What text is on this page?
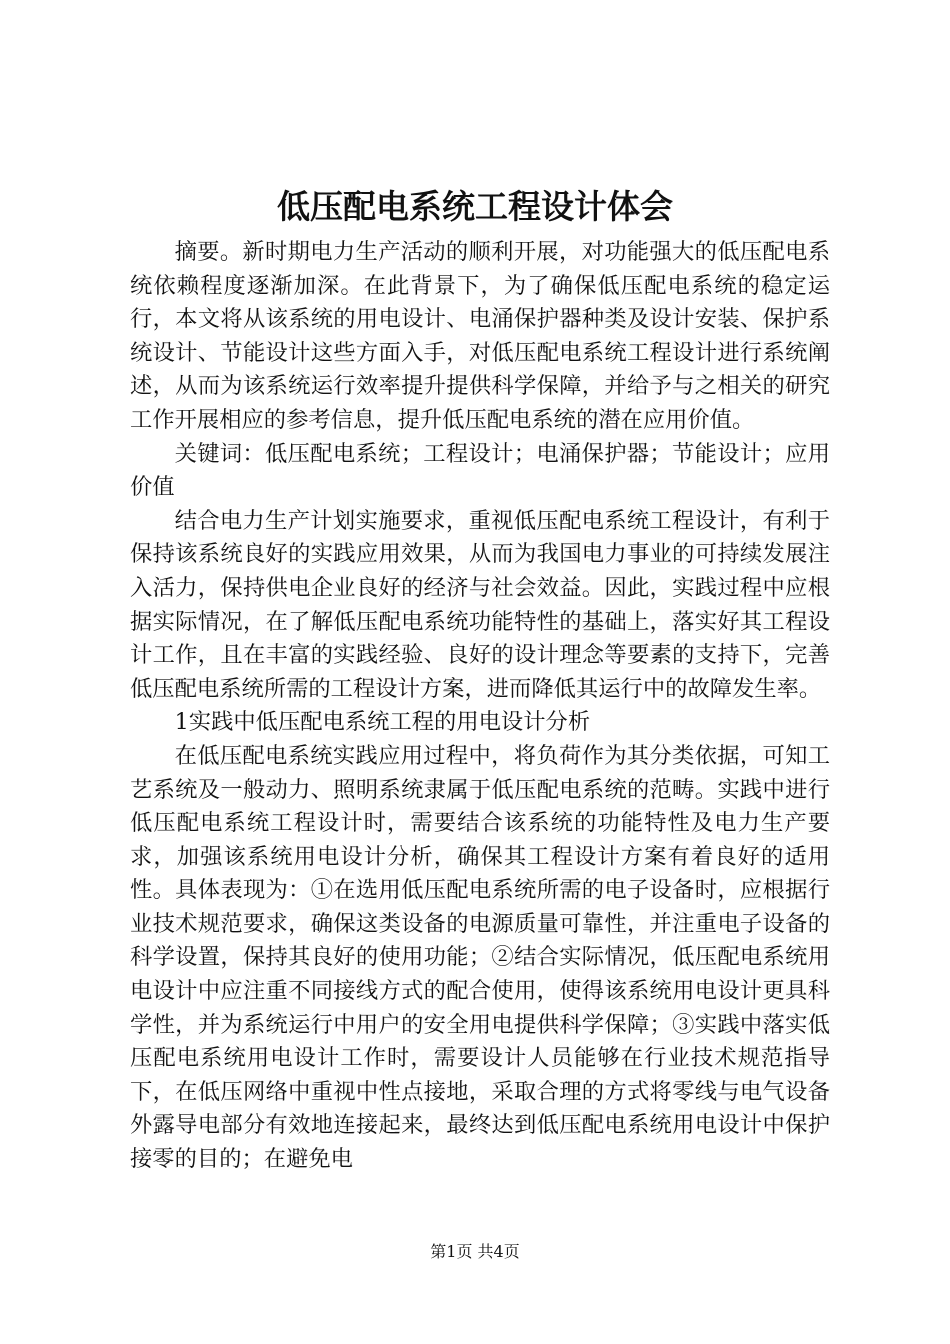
低压配电系统工程设计体会

摘要。新时期电力生产活动的顺利开展，对功能强大的低压配电系统依赖程度逐渐加深。在此背景下，为了确保低压配电系统的稳定运行，本文将从该系统的用电设计、电涌保护器种类及设计安装、保护系统设计、节能设计这些方面入手，对低压配电系统工程设计进行系统阐述，从而为该系统运行效率提升提供科学保障，并给予与之相关的研究工作开展相应的参考信息，提升低压配电系统的潜在应用价值。

关键词：低压配电系统；工程设计；电涌保护器；节能设计；应用价值

结合电力生产计划实施要求，重视低压配电系统工程设计，有利于保持该系统良好的实践应用效果，从而为我国电力事业的可持续发展注入活力，保持供电企业良好的经济与社会效益。因此，实践过程中应根据实际情况，在了解低压配电系统功能特性的基础上，落实好其工程设计工作，且在丰富的实践经验、良好的设计理念等要素的支持下，完善低压配电系统所需的工程设计方案，进而降低其运行中的故障发生率。

1实践中低压配电系统工程的用电设计分析

在低压配电系统实践应用过程中，将负荷作为其分类依据，可知工艺系统及一般动力、照明系统隶属于低压配电系统的范畴。实践中进行低压配电系统工程设计时，需要结合该系统的功能特性及电力生产要求，加强该系统用电设计分析，确保其工程设计方案有着良好的适用性。具体表现为：①在选用低压配电系统所需的电子设备时，应根据行业技术规范要求，确保这类设备的电源质量可靠性，并注重电子设备的科学设置，保持其良好的使用功能；②结合实际情况，低压配电系统用电设计中应注重不同接线方式的配合使用，使得该系统用电设计更具科学性，并为系统运行中用户的安全用电提供科学保障；③实践中落实低压配电系统用电设计工作时，需要设计人员能够在行业技术规范指导下，在低压网络中重视中性点接地，采取合理的方式将零线与电气设备外露导电部分有效地连接起来，最终达到低压配电系统用电设计中保护接零的目的；在避免电

第1页 共4页
